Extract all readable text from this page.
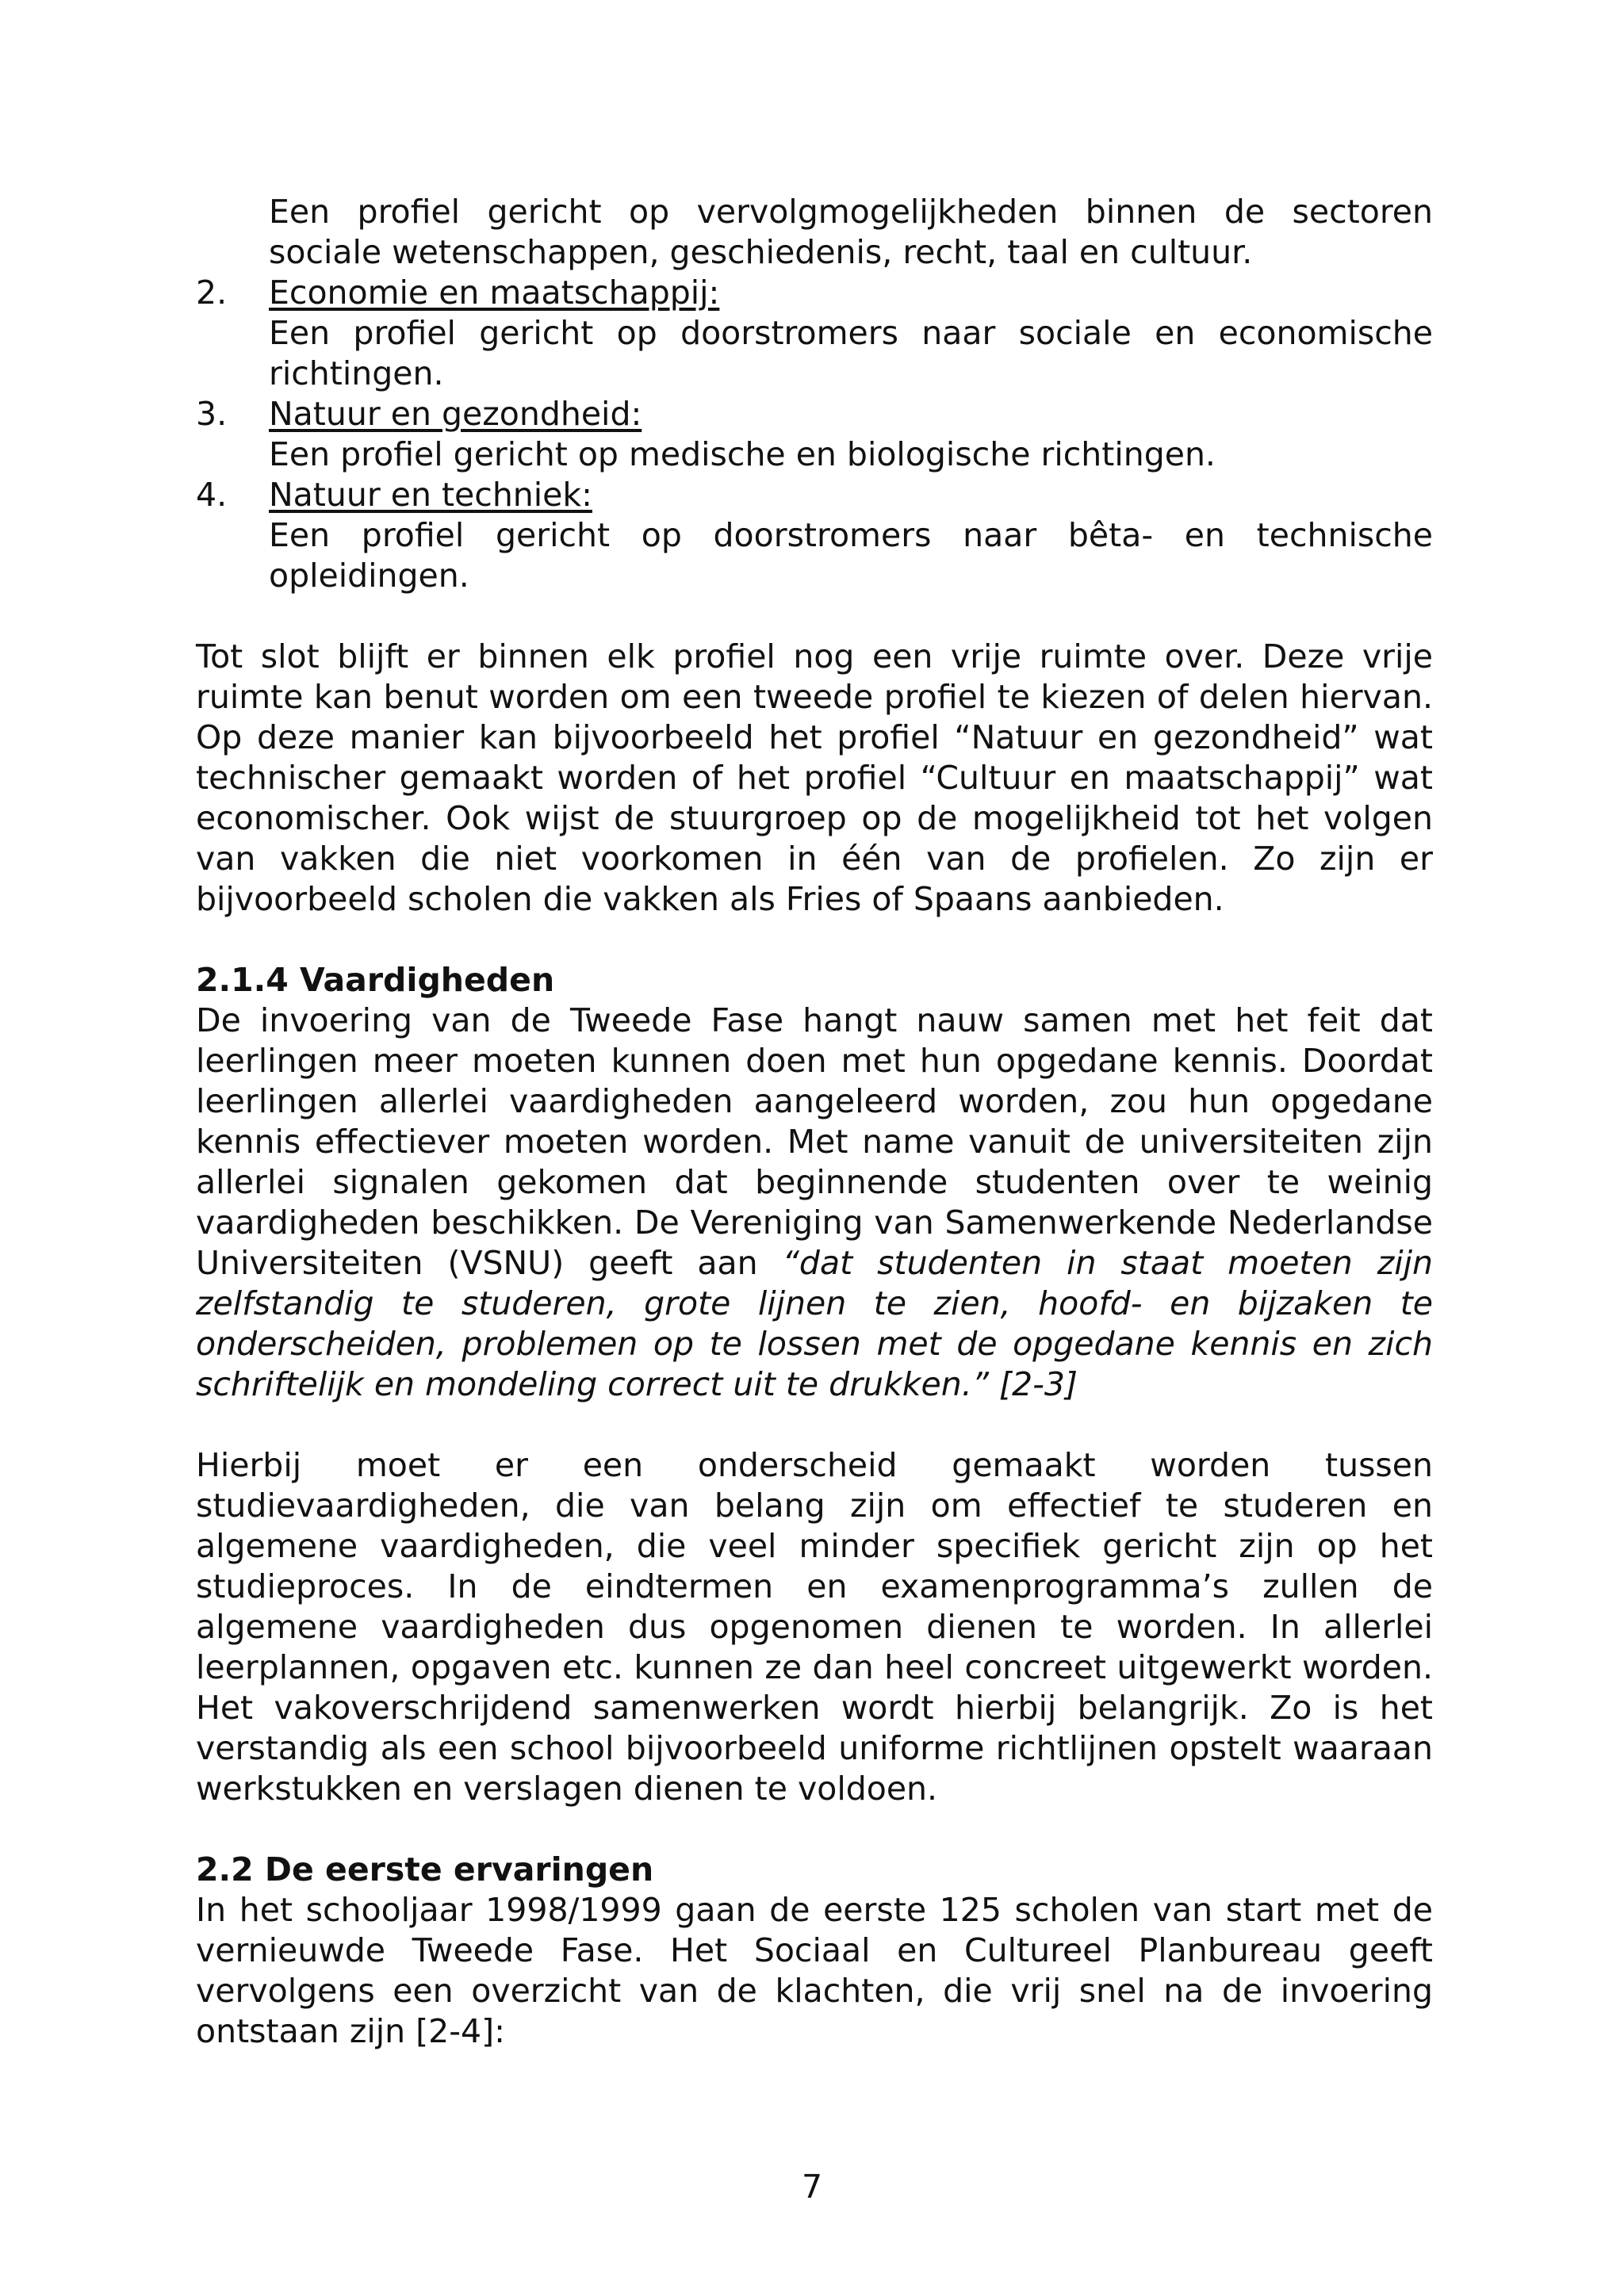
Een profiel gericht op vervolgmogelijkheden binnen de sectoren sociale wetenschappen, geschiedenis, recht, taal en cultuur.

2.	Economie en maatschappij:
Een profiel gericht op doorstromers naar sociale en economische richtingen.
3.	Natuur en gezondheid:
Een profiel gericht op medische en biologische richtingen.
4.	Natuur en techniek:
Een profiel gericht op doorstromers naar bêta- en technische opleidingen.

Tot slot blijft er binnen elk profiel nog een vrije ruimte over. Deze vrije ruimte kan benut worden om een tweede profiel te kiezen of delen hiervan. Op deze manier kan bijvoorbeeld het profiel “Natuur en gezondheid” wat technischer gemaakt worden of het profiel “Cultuur en maatschappij” wat economischer. Ook wijst de stuurgroep op de mogelijkheid tot het volgen van vakken die niet voorkomen in één van de profielen. Zo zijn er bijvoorbeeld scholen die vakken als Fries of Spaans aanbieden.

2.1.4 Vaardigheden

De invoering van de Tweede Fase hangt nauw samen met het feit dat leerlingen meer moeten kunnen doen met hun opgedane kennis. Doordat leerlingen allerlei vaardigheden aangeleerd worden, zou hun opgedane kennis effectiever moeten worden. Met name vanuit de universiteiten zijn allerlei signalen gekomen dat beginnende studenten over te weinig vaardigheden beschikken. De Vereniging van Samenwerkende Nederlandse Universiteiten (VSNU) geeft aan “dat studenten in staat moeten zijn zelfstandig te studeren, grote lijnen te zien, hoofd- en bijzaken te onderscheiden, problemen op te lossen met de opgedane kennis en zich schriftelijk en mondeling correct uit te drukken.” [2-3]

Hierbij moet er een onderscheid gemaakt worden tussen studievaardigheden, die van belang zijn om effectief te studeren en algemene vaardigheden, die veel minder specifiek gericht zijn op het studieproces. In de eindtermen en examenprogramma’s zullen de algemene vaardigheden dus opgenomen dienen te worden. In allerlei leerplannen, opgaven etc. kunnen ze dan heel concreet uitgewerkt worden. Het vakoverschrijdend samenwerken wordt hierbij belangrijk. Zo is het verstandig als een school bijvoorbeeld uniforme richtlijnen opstelt waaraan werkstukken en verslagen dienen te voldoen.

2.2 De eerste ervaringen

In het schooljaar 1998/1999 gaan de eerste 125 scholen van start met de vernieuwde Tweede Fase. Het Sociaal en Cultureel Planbureau geeft vervolgens een overzicht van de klachten, die vrij snel na de invoering ontstaan zijn [2-4]:

7
